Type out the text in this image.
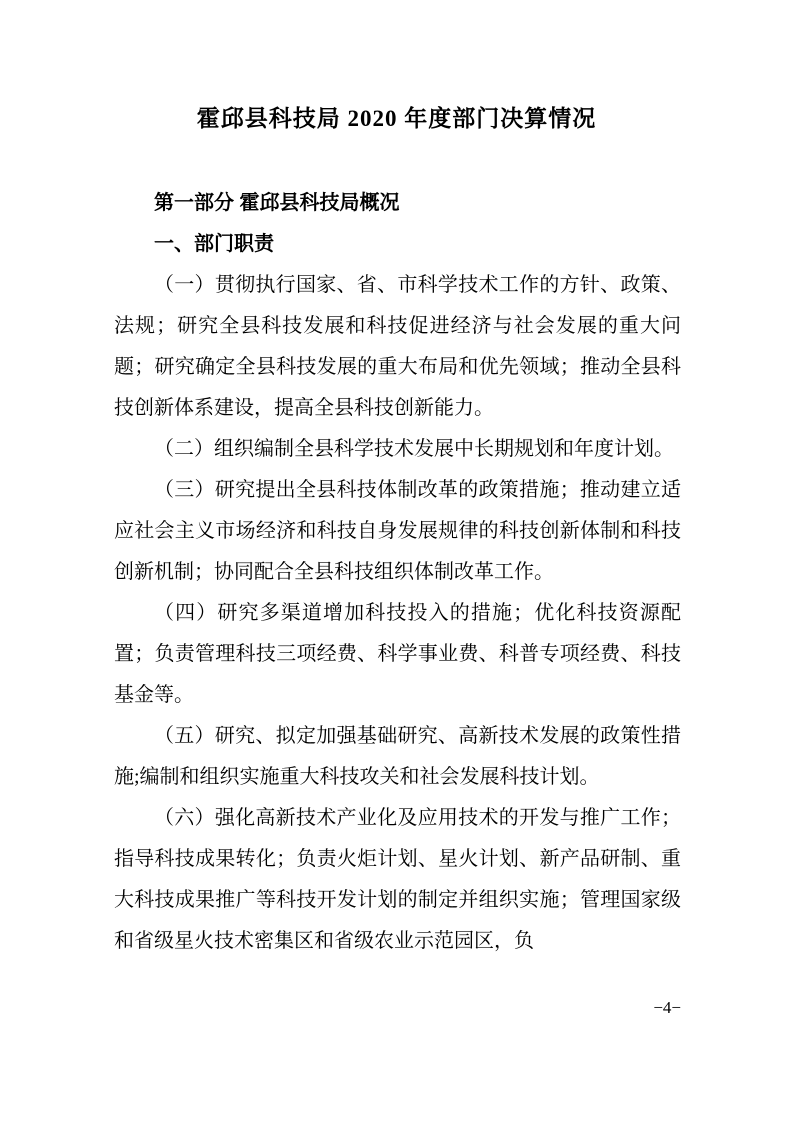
霍邱县科技局 2020 年度部门决算情况

第一部分 霍邱县科技局概况

一、部门职责

（一）贯彻执行国家、省、市科学技术工作的方针、政策、法规；研究全县科技发展和科技促进经济与社会发展的重大问题；研究确定全县科技发展的重大布局和优先领域；推动全县科技创新体系建设，提高全县科技创新能力。

（二）组织编制全县科学技术发展中长期规划和年度计划。

（三）研究提出全县科技体制改革的政策措施；推动建立适应社会主义市场经济和科技自身发展规律的科技创新体制和科技创新机制；协同配合全县科技组织体制改革工作。

（四）研究多渠道增加科技投入的措施；优化科技资源配置；负责管理科技三项经费、科学事业费、科普专项经费、科技基金等。

（五）研究、拟定加强基础研究、高新技术发展的政策性措施;编制和组织实施重大科技攻关和社会发展科技计划。

（六）强化高新技术产业化及应用技术的开发与推广工作；指导科技成果转化；负责火炬计划、星火计划、新产品研制、重大科技成果推广等科技开发计划的制定并组织实施；管理国家级和省级星火技术密集区和省级农业示范园区，负

−4−
